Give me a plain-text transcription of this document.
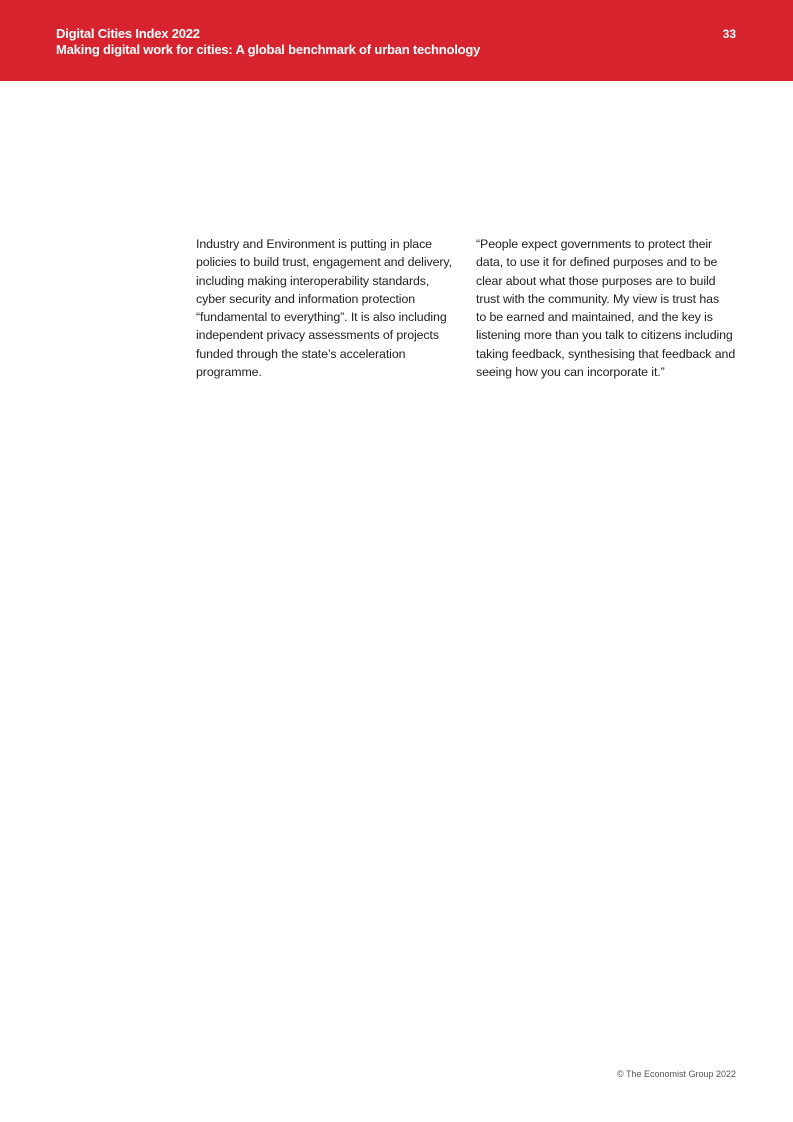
Digital Cities Index 2022
Making digital work for cities: A global benchmark of urban technology
33

Industry and Environment is putting in place
policies to build trust, engagement and delivery,
including making interoperability standards,
cyber security and information protection
“fundamental to everything”. It is also including
independent privacy assessments of projects
funded through the state’s acceleration
programme.

“People expect governments to protect their
data, to use it for defined purposes and to be
clear about what those purposes are to build
trust with the community. My view is trust has
to be earned and maintained, and the key is
listening more than you talk to citizens including
taking feedback, synthesising that feedback and
seeing how you can incorporate it.”

© The Economist Group 2022
